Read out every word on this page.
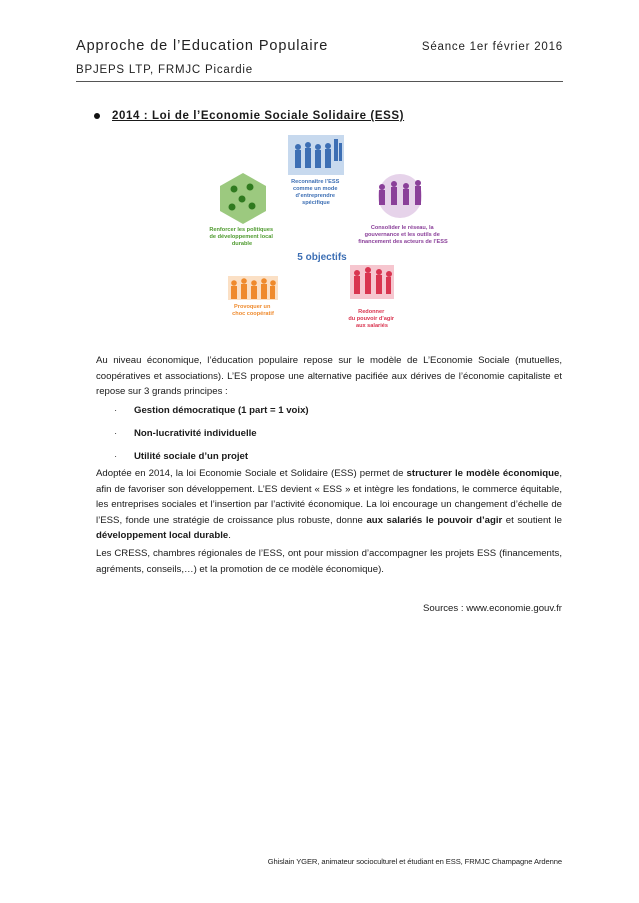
Approche de l’Education Populaire	Séance 1er février 2016
BPJEPS LTP, FRMJC Picardie
2014 : Loi de l’Economie Sociale Solidaire (ESS)
Reconnaître l’ESS comme un mode d’entreprendre spécifique
Consolider le réseau, la gouvernance et les outils de financement des acteurs de l’ESS
Renforcer les politiques de développement local durable
5 objectifs
Redonner du pouvoir d’agir aux salariés
Provoquer un choc coopératif
Au niveau économique, l’éducation populaire repose sur le modèle de L’Economie Sociale (mutuelles, coopératives et associations). L’ES propose une alternative pacifiée aux dérives de l’économie capitaliste et repose sur 3 grands principes :
· Gestion démocratique (1 part = 1 voix)
· Non-lucrativité individuelle
· Utilité sociale d’un projet
Adoptée en 2014, la loi Economie Sociale et Solidaire (ESS) permet de structurer le modèle économique, afin de favoriser son développement. L’ES devient « ESS » et intègre les fondations, le commerce équitable, les entreprises sociales et l’insertion par l’activité économique. La loi encourage un changement d’échelle de l’ESS, fonde une stratégie de croissance plus robuste, donne aux salariés le pouvoir d’agir et soutient le développement local durable.
Les CRESS, chambres régionales de l’ESS, ont pour mission d’accompagner les projets ESS (financements, agréments, conseils,…) et la promotion de ce modèle économique).
Sources : www.economie.gouv.fr
Ghislain YGER, animateur socioculturel et étudiant en ESS, FRMJC Champagne Ardenne
